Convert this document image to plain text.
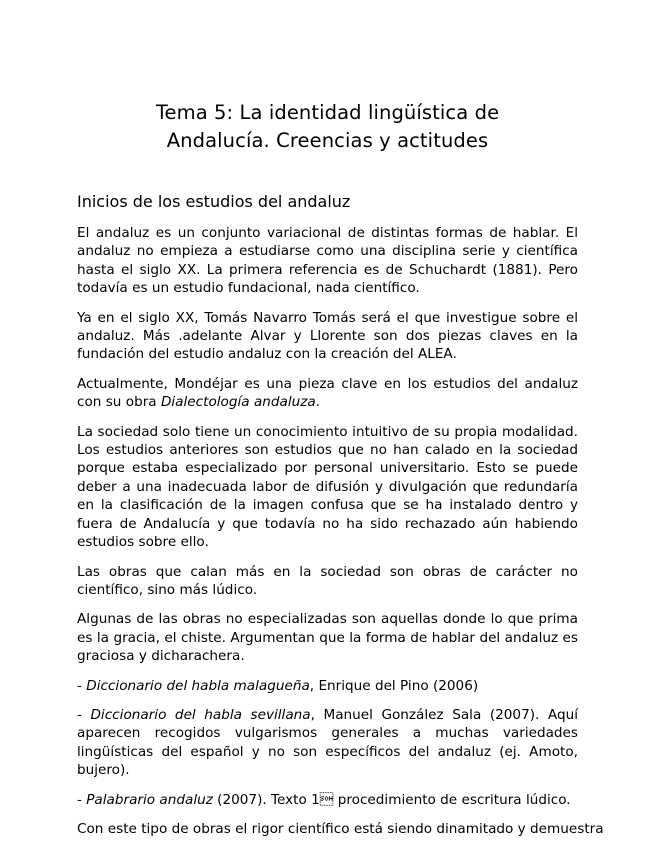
Tema 5: La identidad lingüística de
Andalucía. Creencias y actitudes
Inicios de los estudios del andaluz

El andaluz es un conjunto variacional de distintas formas de hablar. El andaluz no empieza a estudiarse como una disciplina serie y científica hasta el siglo XX. La primera referencia es de Schuchardt (1881). Pero todavía es un estudio fundacional, nada científico.

Ya en el siglo XX, Tomás Navarro Tomás será el que investigue sobre el andaluz. Más .adelante Alvar y Llorente son dos piezas claves en la fundación del estudio andaluz con la creación del ALEA.

Actualmente, Mondéjar es una pieza clave en los estudios del andaluz con su obra Dialectología andaluza.

La sociedad solo tiene un conocimiento intuitivo de su propia modalidad. Los estudios anteriores son estudios que no han calado en la sociedad porque estaba especializado por personal universitario. Esto se puede deber a una inadecuada labor de difusión y divulgación que redundaría en la clasificación de la imagen confusa que se ha instalado dentro y fuera de Andalucía y que todavía no ha sido rechazado aún habiendo estudios sobre ello.

Las obras que calan más en la sociedad son obras de carácter no científico, sino más lúdico.

Algunas de las obras no especializadas son aquellas donde lo que prima es la gracia, el chiste. Argumentan que la forma de hablar del andaluz es graciosa y dicharachera.

- Diccionario del habla malagueña, Enrique del Pino (2006)

- Diccionario del habla sevillana, Manuel González Sala (2007). Aquí aparecen recogidos vulgarismos generales a muchas variedades lingüísticas del español y no son específicos del andaluz (ej. Amoto, bujero).

- Palabrario andaluz (2007). Texto 1 procedimiento de escritura lúdico.

Con este tipo de obras el rigor científico está siendo dinamitado y demuestra
